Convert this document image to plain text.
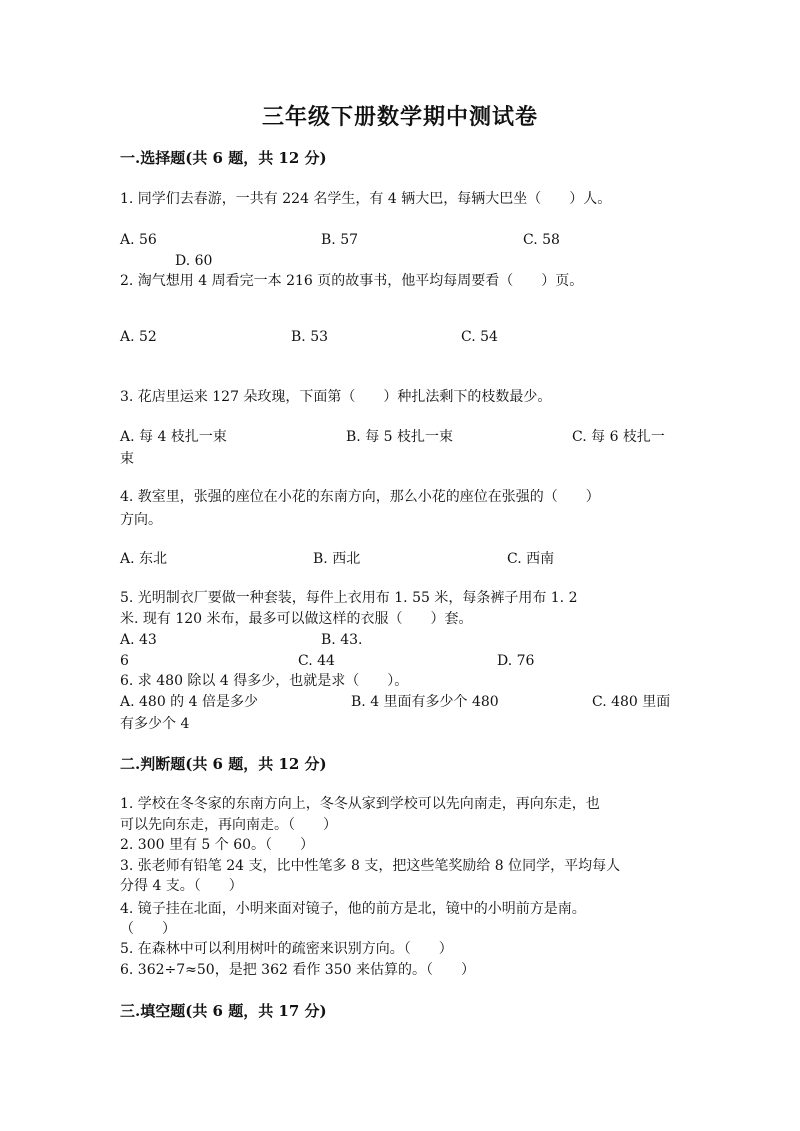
三年级下册数学期中测试卷
一.选择题(共 6 题，共 12 分)
1. 同学们去春游，一共有 224 名学生，有 4 辆大巴，每辆大巴坐（　　）人。
A. 56	B. 57	C. 58
D. 60
2. 淘气想用 4 周看完一本 216 页的故事书，他平均每周要看（　　）页。
A. 52	B. 53	C. 54
3. 花店里运来 127 朵玫瑰，下面第（　　）种扎法剩下的枝数最少。
A. 每 4 枝扎一束	B. 每 5 枝扎一束	C. 每 6 枝扎一
束
4. 教室里，张强的座位在小花的东南方向，那么小花的座位在张强的（　　）
方向。
A. 东北	B. 西北	C. 西南
5. 光明制衣厂要做一种套装，每件上衣用布 1. 55 米，每条裤子用布 1. 2
米. 现有 120 米布，最多可以做这样的衣服（　　）套。
A. 43	B. 43.
6	C. 44	D. 76
6. 求 480 除以 4 得多少，也就是求（　　）。
A. 480 的 4 倍是多少	B. 4 里面有多少个 480	C. 480 里面
有多少个 4
二.判断题(共 6 题，共 12 分)
1. 学校在冬冬家的东南方向上，冬冬从家到学校可以先向南走，再向东走，也
可以先向东走，再向南走。（　　）
2. 300 里有 5 个 60。（　　）
3. 张老师有铅笔 24 支，比中性笔多 8 支，把这些笔奖励给 8 位同学，平均每人
分得 4 支。（　　）
4. 镜子挂在北面，小明来面对镜子，他的前方是北，镜中的小明前方是南。
（　　）
5. 在森林中可以利用树叶的疏密来识别方向。（　　）
6. 362÷7≈50，是把 362 看作 350 来估算的。（　　）
三.填空题(共 6 题，共 17 分)
